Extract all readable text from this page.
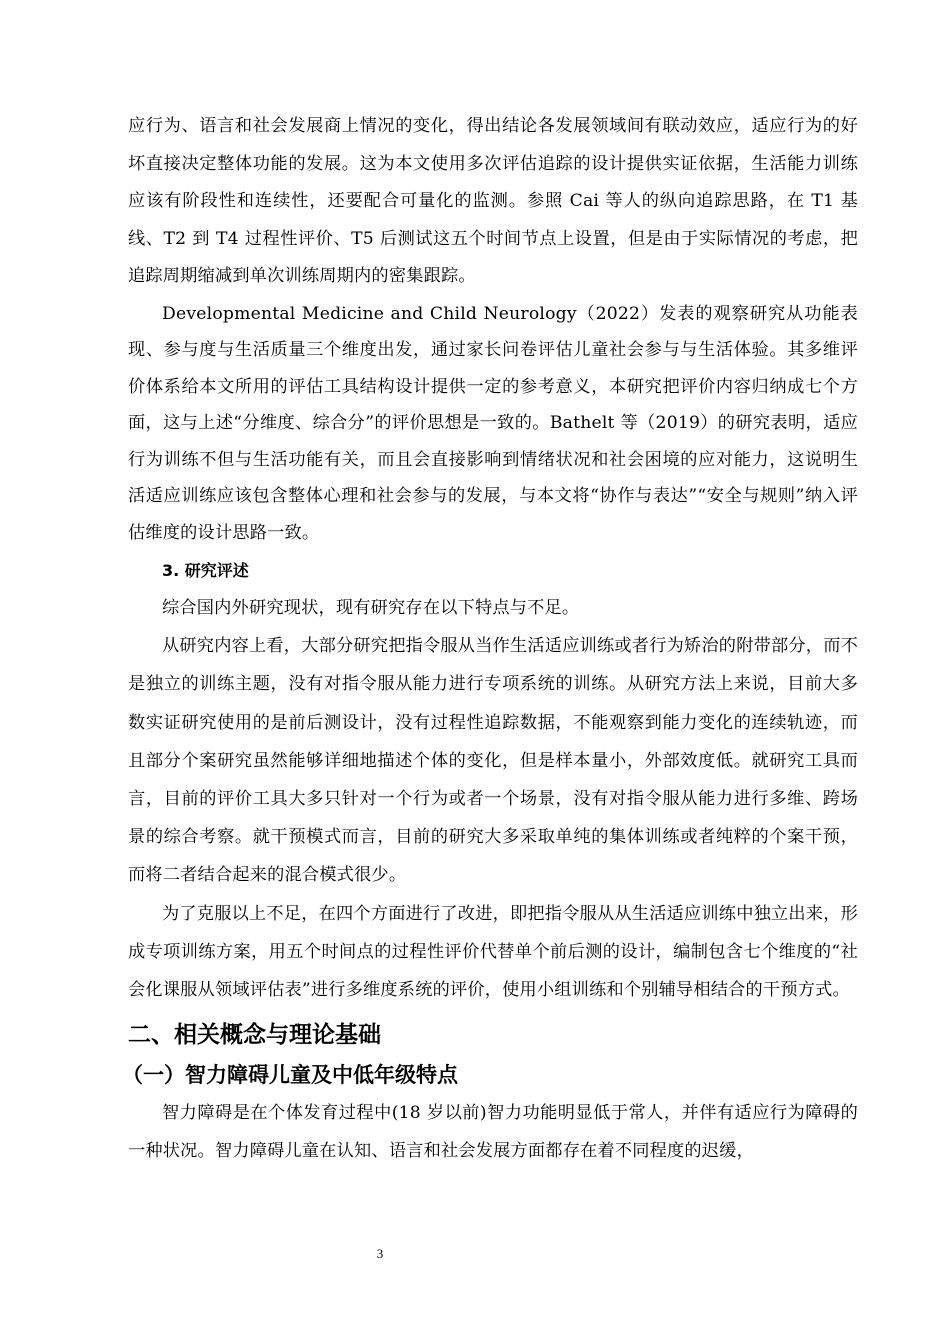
应行为、语言和社会发展商上情况的变化，得出结论各发展领域间有联动效应，适应行为的好坏直接决定整体功能的发展。这为本文使用多次评估追踪的设计提供实证依据，生活能力训练应该有阶段性和连续性，还要配合可量化的监测。参照 Cai 等人的纵向追踪思路，在 T1 基线、T2 到 T4 过程性评价、T5 后测试这五个时间节点上设置，但是由于实际情况的考虑，把追踪周期缩减到单次训练周期内的密集跟踪。

Developmental Medicine and Child Neurology（2022）发表的观察研究从功能表现、参与度与生活质量三个维度出发，通过家长问卷评估儿童社会参与与生活体验。其多维评价体系给本文所用的评估工具结构设计提供一定的参考意义，本研究把评价内容归纳成七个方面，这与上述“分维度、综合分”的评价思想是一致的。Bathelt 等（2019）的研究表明，适应行为训练不但与生活功能有关，而且会直接影响到情绪状况和社会困境的应对能力，这说明生活适应训练应该包含整体心理和社会参与的发展，与本文将“协作与表达”“安全与规则”纳入评估维度的设计思路一致。

3. 研究评述

综合国内外研究现状，现有研究存在以下特点与不足。

从研究内容上看，大部分研究把指令服从当作生活适应训练或者行为矫治的附带部分，而不是独立的训练主题，没有对指令服从能力进行专项系统的训练。从研究方法上来说，目前大多数实证研究使用的是前后测设计，没有过程性追踪数据，不能观察到能力变化的连续轨迹，而且部分个案研究虽然能够详细地描述个体的变化，但是样本量小，外部效度低。就研究工具而言，目前的评价工具大多只针对一个行为或者一个场景，没有对指令服从能力进行多维、跨场景的综合考察。就干预模式而言，目前的研究大多采取单纯的集体训练或者纯粹的个案干预，而将二者结合起来的混合模式很少。

为了克服以上不足，在四个方面进行了改进，即把指令服从从生活适应训练中独立出来，形成专项训练方案，用五个时间点的过程性评价代替单个前后测的设计，编制包含七个维度的“社会化课服从领域评估表”进行多维度系统的评价，使用小组训练和个别辅导相结合的干预方式。

二、相关概念与理论基础

（一）智力障碍儿童及中低年级特点

智力障碍是在个体发育过程中(18 岁以前)智力功能明显低于常人，并伴有适应行为障碍的一种状况。智力障碍儿童在认知、语言和社会发展方面都存在着不同程度的迟缓，

3
